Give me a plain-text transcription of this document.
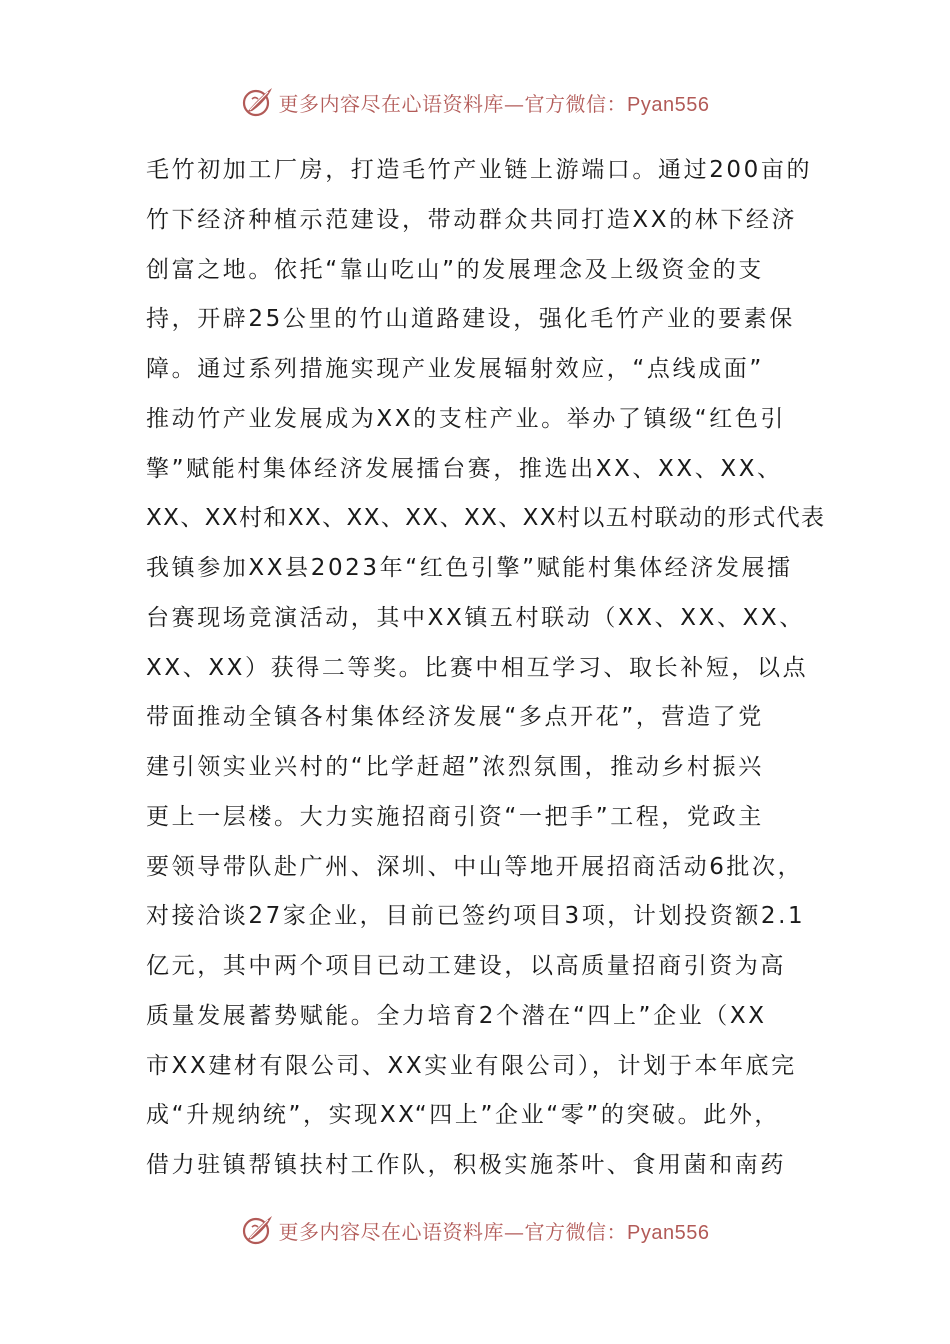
更多内容尽在心语资料库—官方微信：Pyan556
毛竹初加工厂房，打造毛竹产业链上游端口。通过200亩的
竹下经济种植示范建设，带动群众共同打造XX的林下经济
创富之地。依托“靠山吃山”的发展理念及上级资金的支
持，开辟25公里的竹山道路建设，强化毛竹产业的要素保
障。通过系列措施实现产业发展辐射效应，“点线成面”
推动竹产业发展成为XX的支柱产业。举办了镇级“红色引
擎”赋能村集体经济发展擂台赛，推选出XX、XX、XX、
XX、XX村和XX、XX、XX、XX、XX村以五村联动的形式代表
我镇参加XX县2023年“红色引擎”赋能村集体经济发展擂
台赛现场竞演活动，其中XX镇五村联动（XX、XX、XX、
XX、XX）获得二等奖。比赛中相互学习、取长补短，以点
带面推动全镇各村集体经济发展“多点开花”，营造了党
建引领实业兴村的“比学赶超”浓烈氛围，推动乡村振兴
更上一层楼。大力实施招商引资“一把手”工程，党政主
要领导带队赴广州、深圳、中山等地开展招商活动6批次，
对接洽谈27家企业，目前已签约项目3项，计划投资额2.1
亿元，其中两个项目已动工建设，以高质量招商引资为高
质量发展蓄势赋能。全力培育2个潜在“四上”企业（XX
市XX建材有限公司、XX实业有限公司），计划于本年底完
成“升规纳统”，实现XX“四上”企业“零”的突破。此外，
借力驻镇帮镇扶村工作队，积极实施茶叶、食用菌和南药
更多内容尽在心语资料库—官方微信：Pyan556
